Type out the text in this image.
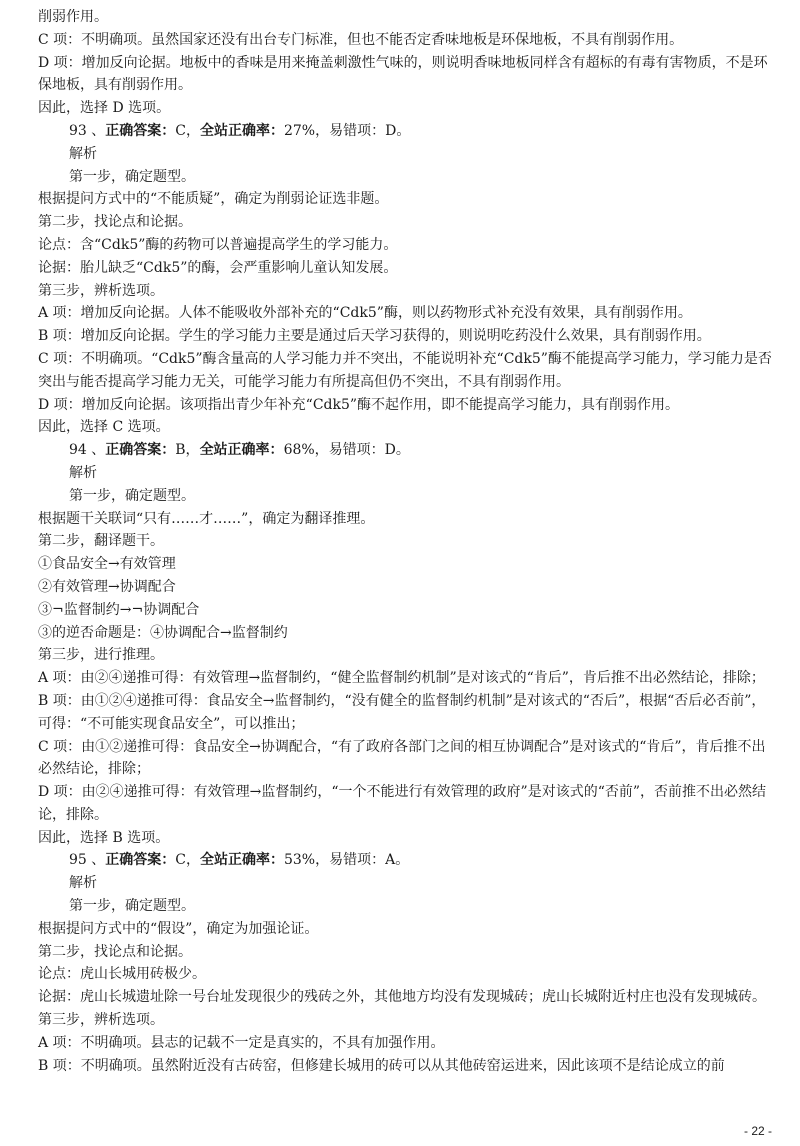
削弱作用。

C 项：不明确项。虽然国家还没有出台专门标准，但也不能否定香味地板是环保地板，不具有削弱作用。

D 项：增加反向论据。地板中的香味是用来掩盖刺激性气味的，则说明香味地板同样含有超标的有毒有害物质，不是环保地板，具有削弱作用。

因此，选择 D 选项。

93 、正确答案：C，全站正确率：27%，易错项：D。

解析

第一步，确定题型。

根据提问方式中的“不能质疑”，确定为削弱论证选非题。

第二步，找论点和论据。

论点：含“Cdk5”酶的药物可以普遍提高学生的学习能力。

论据：胎儿缺乏“Cdk5”的酶，会严重影响儿童认知发展。

第三步，辨析选项。

A 项：增加反向论据。人体不能吸收外部补充的“Cdk5”酶，则以药物形式补充没有效果，具有削弱作用。

B 项：增加反向论据。学生的学习能力主要是通过后天学习获得的，则说明吃药没什么效果，具有削弱作用。

C 项：不明确项。“Cdk5”酶含量高的人学习能力并不突出，不能说明补充“Cdk5”酶不能提高学习能力，学习能力是否突出与能否提高学习能力无关，可能学习能力有所提高但仍不突出，不具有削弱作用。

D 项：增加反向论据。该项指出青少年补充“Cdk5”酶不起作用，即不能提高学习能力，具有削弱作用。

因此，选择 C 选项。

94 、正确答案：B，全站正确率：68%，易错项：D。

解析

第一步，确定题型。

根据题干关联词“只有……才……”，确定为翻译推理。

第二步，翻译题干。

①食品安全→有效管理

②有效管理→协调配合

③¬监督制约→¬协调配合

③的逆否命题是：④协调配合→监督制约

第三步，进行推理。

A 项：由②④递推可得：有效管理→监督制约，“健全监督制约机制”是对该式的“肯后”，肯后推不出必然结论，排除；

B 项：由①②④递推可得：食品安全→监督制约，“没有健全的监督制约机制”是对该式的“否后”，根据“否后必否前”，可得：“不可能实现食品安全”，可以推出；

C 项：由①②递推可得：食品安全→协调配合，“有了政府各部门之间的相互协调配合”是对该式的“肯后”，肯后推不出必然结论，排除；

D 项：由②④递推可得：有效管理→监督制约，“一个不能进行有效管理的政府”是对该式的“否前”，否前推不出必然结论，排除。

因此，选择 B 选项。

95 、正确答案：C，全站正确率：53%，易错项：A。

解析

第一步，确定题型。

根据提问方式中的“假设”，确定为加强论证。

第二步，找论点和论据。

论点：虎山长城用砖极少。

论据：虎山长城遗址除一号台址发现很少的残砖之外，其他地方均没有发现城砖；虎山长城附近村庄也没有发现城砖。

第三步，辨析选项。

A 项：不明确项。县志的记载不一定是真实的，不具有加强作用。

B 项：不明确项。虽然附近没有古砖窑，但修建长城用的砖可以从其他砖窑运进来，因此该项不是结论成立的前

- 22 -
